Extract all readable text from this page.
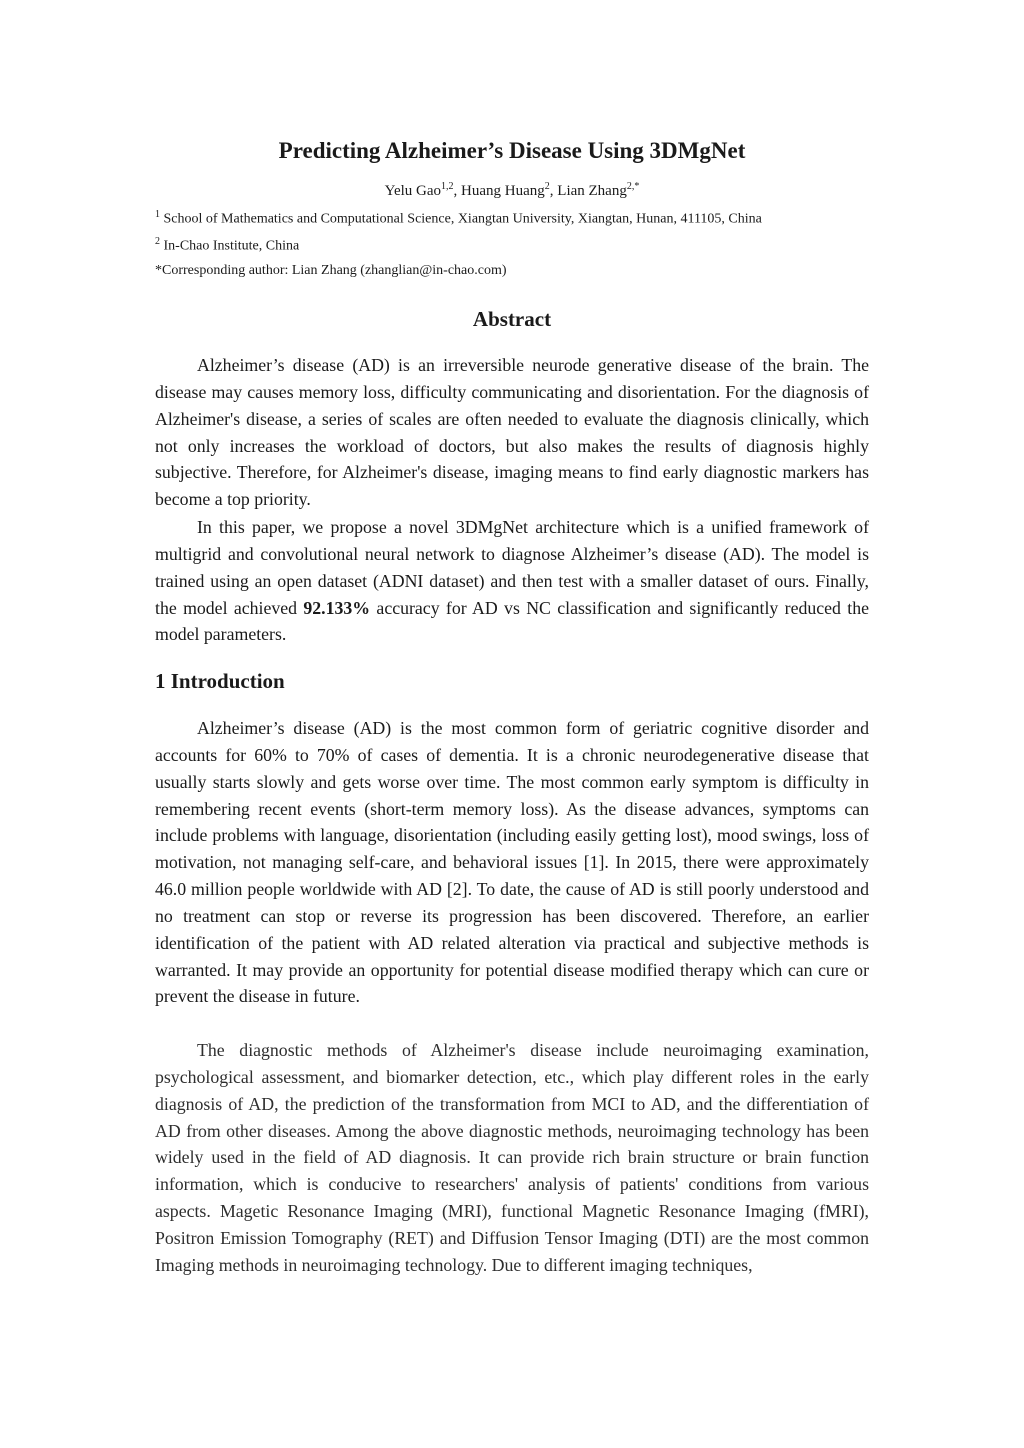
Predicting Alzheimer’s Disease Using 3DMgNet
Yelu Gao$^{1,2}$, Huang Huang$^2$, Lian Zhang$^{2,*}$
$^1$ School of Mathematics and Computational Science, Xiangtan University, Xiangtan, Hunan, 411105, China
$^2$ In-Chao Institute, China
*Corresponding author: Lian Zhang (zhanglian@in-chao.com)
Abstract

Alzheimer’s disease (AD) is an irreversible neurode generative disease of the brain. The disease may causes memory loss, difficulty communicating and disorientation. For the diagnosis of Alzheimer's disease, a series of scales are often needed to evaluate the diagnosis clinically, which not only increases the workload of doctors, but also makes the results of diagnosis highly subjective. Therefore, for Alzheimer's disease, imaging means to find early diagnostic markers has become a top priority.

In this paper, we propose a novel 3DMgNet architecture which is a unified framework of multigrid and convolutional neural network to diagnose Alzheimer’s disease (AD). The model is trained using an open dataset (ADNI dataset) and then test with a smaller dataset of ours. Finally, the model achieved 92.133% accuracy for AD vs NC classification and significantly reduced the model parameters.

1 Introduction

Alzheimer’s disease (AD) is the most common form of geriatric cognitive disorder and accounts for 60% to 70% of cases of dementia. It is a chronic neurodegenerative disease that usually starts slowly and gets worse over time. The most common early symptom is difficulty in remembering recent events (short-term memory loss). As the disease advances, symptoms can include problems with language, disorientation (including easily getting lost), mood swings, loss of motivation, not managing self-care, and behavioral issues [1]. In 2015, there were approximately 46.0 million people worldwide with AD [2]. To date, the cause of AD is still poorly understood and no treatment can stop or reverse its progression has been discovered. Therefore, an earlier identification of the patient with AD related alteration via practical and subjective methods is warranted. It may provide an opportunity for potential disease modified therapy which can cure or prevent the disease in future.

The diagnostic methods of Alzheimer's disease include neuroimaging examination, psychological assessment, and biomarker detection, etc., which play different roles in the early diagnosis of AD, the prediction of the transformation from MCI to AD, and the differentiation of AD from other diseases. Among the above diagnostic methods, neuroimaging technology has been widely used in the field of AD diagnosis. It can provide rich brain structure or brain function information, which is conducive to researchers' analysis of patients' conditions from various aspects. Magetic Resonance Imaging (MRI), functional Magnetic Resonance Imaging (fMRI), Positron Emission Tomography (RET) and Diffusion Tensor Imaging (DTI) are the most common Imaging methods in neuroimaging technology. Due to different imaging techniques,
